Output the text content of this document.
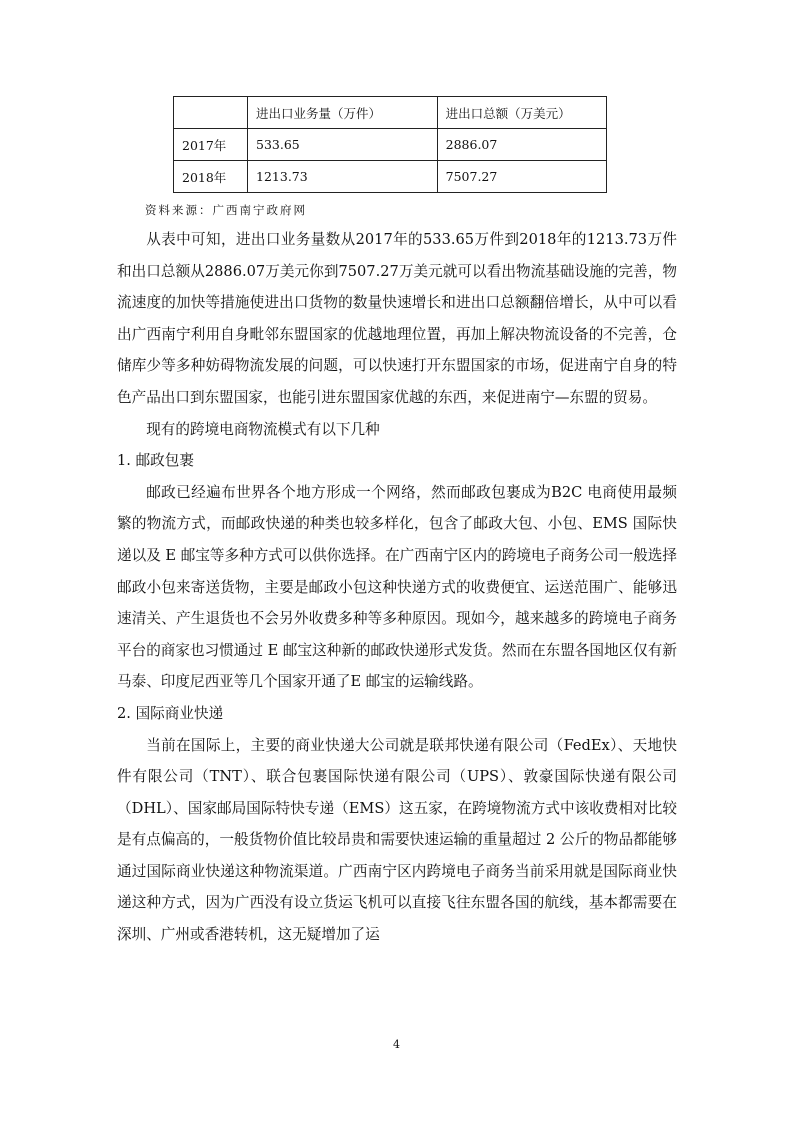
	进出口业务量（万件）	进出口总额（万美元）
2017年	533.65	2886.07
2018年	1213.73	7507.27
资料来源：广西南宁政府网

从表中可知，进出口业务量数从2017年的533.65万件到2018年的1213.73万件和出口总额从2886.07万美元你到7507.27万美元就可以看出物流基础设施的完善，物流速度的加快等措施使进出口货物的数量快速增长和进出口总额翻倍增长，从中可以看出广西南宁利用自身毗邻东盟国家的优越地理位置，再加上解决物流设备的不完善，仓储库少等多种妨碍物流发展的问题，可以快速打开东盟国家的市场，促进南宁自身的特色产品出口到东盟国家，也能引进东盟国家优越的东西，来促进南宁—东盟的贸易。

现有的跨境电商物流模式有以下几种

1. 邮政包裹

邮政已经遍布世界各个地方形成一个网络，然而邮政包裹成为B2C 电商使用最频繁的物流方式，而邮政快递的种类也较多样化，包含了邮政大包、小包、EMS 国际快递以及 E 邮宝等多种方式可以供你选择。在广西南宁区内的跨境电子商务公司一般选择邮政小包来寄送货物，主要是邮政小包这种快递方式的收费便宜、运送范围广、能够迅速清关、产生退货也不会另外收费多种等多种原因。现如今，越来越多的跨境电子商务平台的商家也习惯通过 E 邮宝这种新的邮政快递形式发货。然而在东盟各国地区仅有新马泰、印度尼西亚等几个国家开通了E 邮宝的运输线路。

2. 国际商业快递

当前在国际上，主要的商业快递大公司就是联邦快递有限公司（FedEx）、天地快件有限公司（TNT）、联合包裹国际快递有限公司（UPS）、敦豪国际快递有限公司（DHL）、国家邮局国际特快专递（EMS）这五家，在跨境物流方式中该收费相对比较是有点偏高的，一般货物价值比较昂贵和需要快速运输的重量超过 2 公斤的物品都能够通过国际商业快递这种物流渠道。广西南宁区内跨境电子商务当前采用就是国际商业快递这种方式，因为广西没有设立货运飞机可以直接飞往东盟各国的航线，基本都需要在深圳、广州或香港转机，这无疑增加了运

4
